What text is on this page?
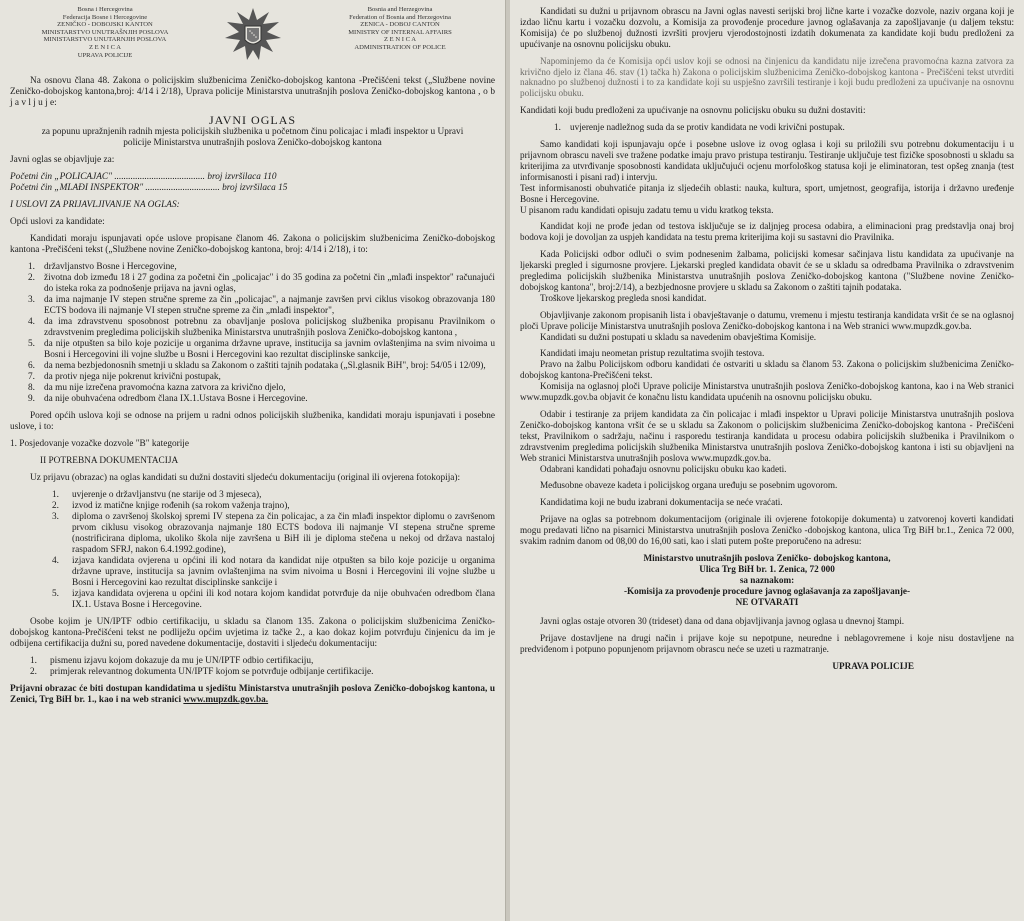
Bosna i Hercegovina
Federacija Bosne i Hercegovine
ZENIČKO - DOBOJSKI KANTON
MINISTARSTVO UNUTRAŠNJIH POSLOVA
MINISTARSTVO UNUTARNJIH POSLOVA
Z E N I C A
UPRAVA POLICIJE
Bosnia and Herzegovina
Federation of Bosnia and Herzegovina
ZENICA - DOBOJ CANTON
MINISTRY OF INTERNAL AFFAIRS
Z E N I C A
ADMINISTRATION OF POLICE

Na osnovu člana 48. Zakona o policijskim službenicima Zeničko-dobojskog kantona -Prečišćeni tekst („Službene novine Zeničko-dobojskog kantona,broj: 4/14 i 2/18), Uprava policije Ministarstva unutrašnjih poslova Zeničko-dobojskog kantona , o b j a v l j u j e:

JAVNI OGLAS

za popunu upražnjenih radnih mjesta policijskih službenika u početnom činu policajac i mlađi inspektor u Upravi policije Ministarstva unutrašnjih poslova Zeničko-dobojskog kantona

Javni oglas se objavljuje za:

Početni čin „POLICAJAC" ....................................... broj izvršilaca 110

Početni čin „MLAĐI INSPEKTOR" ................................ broj izvršilaca 15

I USLOVI ZA PRIJAVLJIVANJE NA OGLAS:

Opći uslovi za kandidate:

Kandidati moraju ispunjavati opće uslove propisane članom 46. Zakona o policijskim službenicima Zeničko-dobojskog kantona -Prečišćeni tekst („Službene novine Zeničko-dobojskog kantona, broj: 4/14 i 2/18), i to:

1. državljanstvo Bosne i Hercegovine,
2. životna dob između 18 i 27 godina za početni čin „policajac" i do 35 godina za početni čin „mlađi inspektor" računajući do isteka roka za podnošenje prijava na javni oglas,
3. da ima najmanje IV stepen stručne spreme za čin „policajac", a najmanje završen prvi ciklus visokog obrazovanja 180 ECTS bodova ili najmanje VI stepen stručne spreme za čin „mlađi inspektor",
4. da ima zdravstvenu sposobnost potrebnu za obavljanje poslova policijskog službenika propisanu Pravilnikom o zdravstvenim pregledima policijskih službenika Ministarstva unutrašnjih poslova Zeničko-dobojskog kantona ,
5. da nije otpušten sa bilo koje pozicije u organima državne uprave, institucija sa javnim ovlaštenjima na svim nivoima u Bosni i Hercegovini ili vojne službe u Bosni i Hercegovini kao rezultat disciplinske sankcije,
6. da nema bezbjedonosnih smetnji u skladu sa Zakonom o zaštiti tajnih podataka („Sl.glasnik BiH", broj: 54/05 i 12/09),
7. da protiv njega nije pokrenut krivični postupak,
8. da mu nije izrečena pravomoćna kazna zatvora za krivično djelo,
9. da nije obuhvaćena odredbom člana IX.1.Ustava Bosne i Hercegovine.

Pored općih uslova koji se odnose na prijem u radni odnos policijskih službenika, kandidati moraju ispunjavati i posebne uslove, i to:

1. Posjedovanje vozačke dozvole "B" kategorije

II POTREBNA DOKUMENTACIJA

Uz prijavu (obrazac) na oglas kandidati su dužni dostaviti sljedeću dokumentaciju (original ili ovjerena fotokopija):

1.	uvjerenje o državljanstvu (ne starije od 3 mjeseca),
2.	izvod iz matične knjige rođenih (sa rokom važenja trajno),
3.	diploma o završenoj školskoj spremi IV stepena za čin policajac, a za čin mlađi inspektor diplomu o završenom prvom ciklusu visokog obrazovanja najmanje 180 ECTS bodova ili najmanje VI stepena stručne spreme (nostrificirana diploma, ukoliko škola nije završena u BiH ili je diploma stečena u nekoj od država nastaloj raspadom SFRJ, nakon 6.4.1992.godine),
4.	izjava kandidata ovjerena u općini ili kod notara da kandidat nije otpušten sa bilo koje pozicije u organima državne uprave, institucija sa javnim ovlaštenjima na svim nivoima u Bosni i Hercegovini ili vojne službe u Bosni i Hercegovini kao rezultat disciplinske sankcije i
5.	izjava kandidata ovjerena u općini ili kod notara kojom kandidat potvrđuje da nije obuhvaćen odredbom člana IX.1. Ustava Bosne i Hercegovine.

Osobe kojim je UN/IPTF odbio certifikaciju, u skladu sa članom 135. Zakona o policijskim službenicima Zeničko-dobojskog kantona-Prečišćeni tekst ne podliježu općim uvjetima iz tačke 2., a kao dokaz kojim potvrđuju činjenicu da im je odbijena certifikacija dužni su, pored navedene dokumentacije, dostaviti i sljedeću dokumentaciju:

1.	pismenu izjavu kojom dokazuje da mu je UN/IPTF odbio certifikaciju,
2.	primjerak relevantnog dokumenta UN/IPTF kojom se potvrđuje odbijanje certifikacije.

Prijavni obrazac će biti dostupan kandidatima u sjedištu Ministarstva unutrašnjih poslova Zeničko-dobojskog kantona, u Zenici, Trg BiH br. 1., kao i na web stranici www.mupzdk.gov.ba.

Kandidati su dužni u prijavnom obrascu na Javni oglas navesti serijski broj lične karte i vozačke dozvole, naziv organa koji je izdao ličnu kartu i vozačku dozvolu, a Komisija za provođenje procedure javnog oglašavanja za zapošljavanje (u daljem tekstu: Komisija) će po službenoj dužnosti izvršiti provjeru vjerodostojnosti izdatih dokumenata za kandidate koji budu predloženi za upućivanje na osnovnu policijsku obuku.

Napominjemo da će Komisija opći uslov koji se odnosi na činjenicu da kandidatu nije izrečena pravomoćna kazna zatvora za krivično djelo iz člana 46. stav (1) tačka h) Zakona o policijskim službenicima Zeničko-dobojskog kantona - Prečišćeni tekst utvrditi naknadno po službenoj dužnosti i to za kandidate koji su uspješno završili testiranje i koji budu predloženi za upućivanje na osnovnu policijsku obuku.

Kandidati koji budu predloženi za upućivanje na osnovnu policijsku obuku su dužni dostaviti:

1. uvjerenje nadležnog suda da se protiv kandidata ne vodi krivični postupak.
Samo kandidati koji ispunjavaju opće i posebne uslove iz ovog oglasa i koji su priložili svu potrebnu dokumentaciju i u prijavnom obrascu naveli sve tražene podatke imaju pravo pristupa testiranju. Testiranje uključuje test fizičke sposobnosti u skladu sa kriterijima za utvrđivanje sposobnosti kandidata uključujući ocjenu morfološkog statusa koji je eliminatoran, test opšeg znanja (test informisanosti i pisani rad) i intervju.
Test informisanosti obuhvatiće pitanja iz sljedećih oblasti: nauka, kultura, sport, umjetnost, geografija, istorija i državno uređenje Bosne i Hercegovine.

U pisanom radu kandidati opisuju zadatu temu u vidu kratkog teksta.

Kandidat koji ne prođe jedan od testova isključuje se iz daljnjeg procesa odabira, a eliminacioni prag predstavlja onaj broj bodova koji je dovoljan za uspjeh kandidata na testu prema kriterijima koji su sastavni dio Pravilnika.

Kada Policijski odbor odluči o svim podnesenim žalbama, policijski komesar sačinjava listu kandidata za upućivanje na ljekarski pregled i sigurnosne provjere. Ljekarski pregled kandidata obavit će se u skladu sa odredbama Pravilnika o zdravstvenim pregledima policijskih službenika Ministarstva unutrašnjih poslova Zeničko-dobojskog kantona ("Službene novine Zeničko-dobojskog kantona", broj:2/14), a bezbjednosne provjere u skladu sa Zakonom o zaštiti tajnih podataka.

Troškove ljekarskog pregleda snosi kandidat.

Objavljivanje zakonom propisanih lista i obavještavanje o datumu, vremenu i mjestu testiranja kandidata vršit će se na oglasnoj ploči Uprave policije Ministarstva unutrašnjih poslova Zeničko-dobojskog kantona i na Web stranici www.mupzdk.gov.ba.

Kandidati su dužni postupati u skladu sa navedenim obavještima Komisije.

Kandidati imaju neometan pristup rezultatima svojih testova.
Pravo na žalbu Policijskom odboru kandidati će ostvariti u skladu sa članom 53. Zakona o policijskim službenicima Zeničko-dobojskog kantona-Prečišćeni tekst.

Komisija na oglasnoj ploči Uprave policije Ministarstva unutrašnjih poslova Zeničko-dobojskog kantona, kao i na Web stranici www.mupzdk.gov.ba objavit će konačnu listu kandidata upućenih na osnovnu policijsku obuku.

Odabir i testiranje za prijem kandidata za čin policajac i mlađi inspektor u Upravi policije Ministarstva unutrašnjih poslova Zeničko-dobojskog kantona vršit će se u skladu sa Zakonom o policijskim službenicima Zeničko-dobojskog kantona - Prečišćeni tekst, Pravilnikom o sadržaju, načinu i rasporedu testiranja kandidata u procesu odabira policijskih službenika i Pravilnikom o zdravstvenim pregledima policijskih službenika Ministarstva unutrašnjih poslova Zeničko-dobojskog kantona i isti su objavljeni na Web stranici Ministarstva unutrašnjih poslova www.mupzdk.gov.ba.

Odabrani kandidati pohađaju osnovnu policijsku obuku kao kadeti.

Međusobne obaveze kadeta i policijskog organa uređuju se posebnim ugovorom.

Kandidatima koji ne budu izabrani dokumentacija se neće vraćati.

Prijave na oglas sa potrebnom dokumentacijom (originale ili ovjerene fotokopije dokumenta) u zatvorenoj koverti kandidati mogu predavati lično na pisarnici Ministarstva unutrašnjih poslova Zeničko -dobojskog kantona, ulica Trg BiH br.1., Zenica 72 000, svakim radnim danom od 08,00 do 16,00 sati, kao i slati putem pošte preporučeno na adresu:

Ministarstvo unutrašnjih poslova Zeničko- dobojskog kantona,
Ulica Trg BiH br. 1. Zenica, 72 000
sa naznakom:
-Komisija za provođenje procedure javnog oglašavanja za zapošljavanje-
NE OTVARATI

Javni oglas ostaje otvoren 30 (trideset) dana od dana objavljivanja javnog oglasa u dnevnoj štampi.

Prijave dostavljene na drugi način i prijave koje su nepotpune, neuredne i neblagovremene i koje nisu dostavljene na predviđenom i potpuno popunjenom prijavnom obrascu neće se uzeti u razmatranje.

UPRAVA POLICIJE
